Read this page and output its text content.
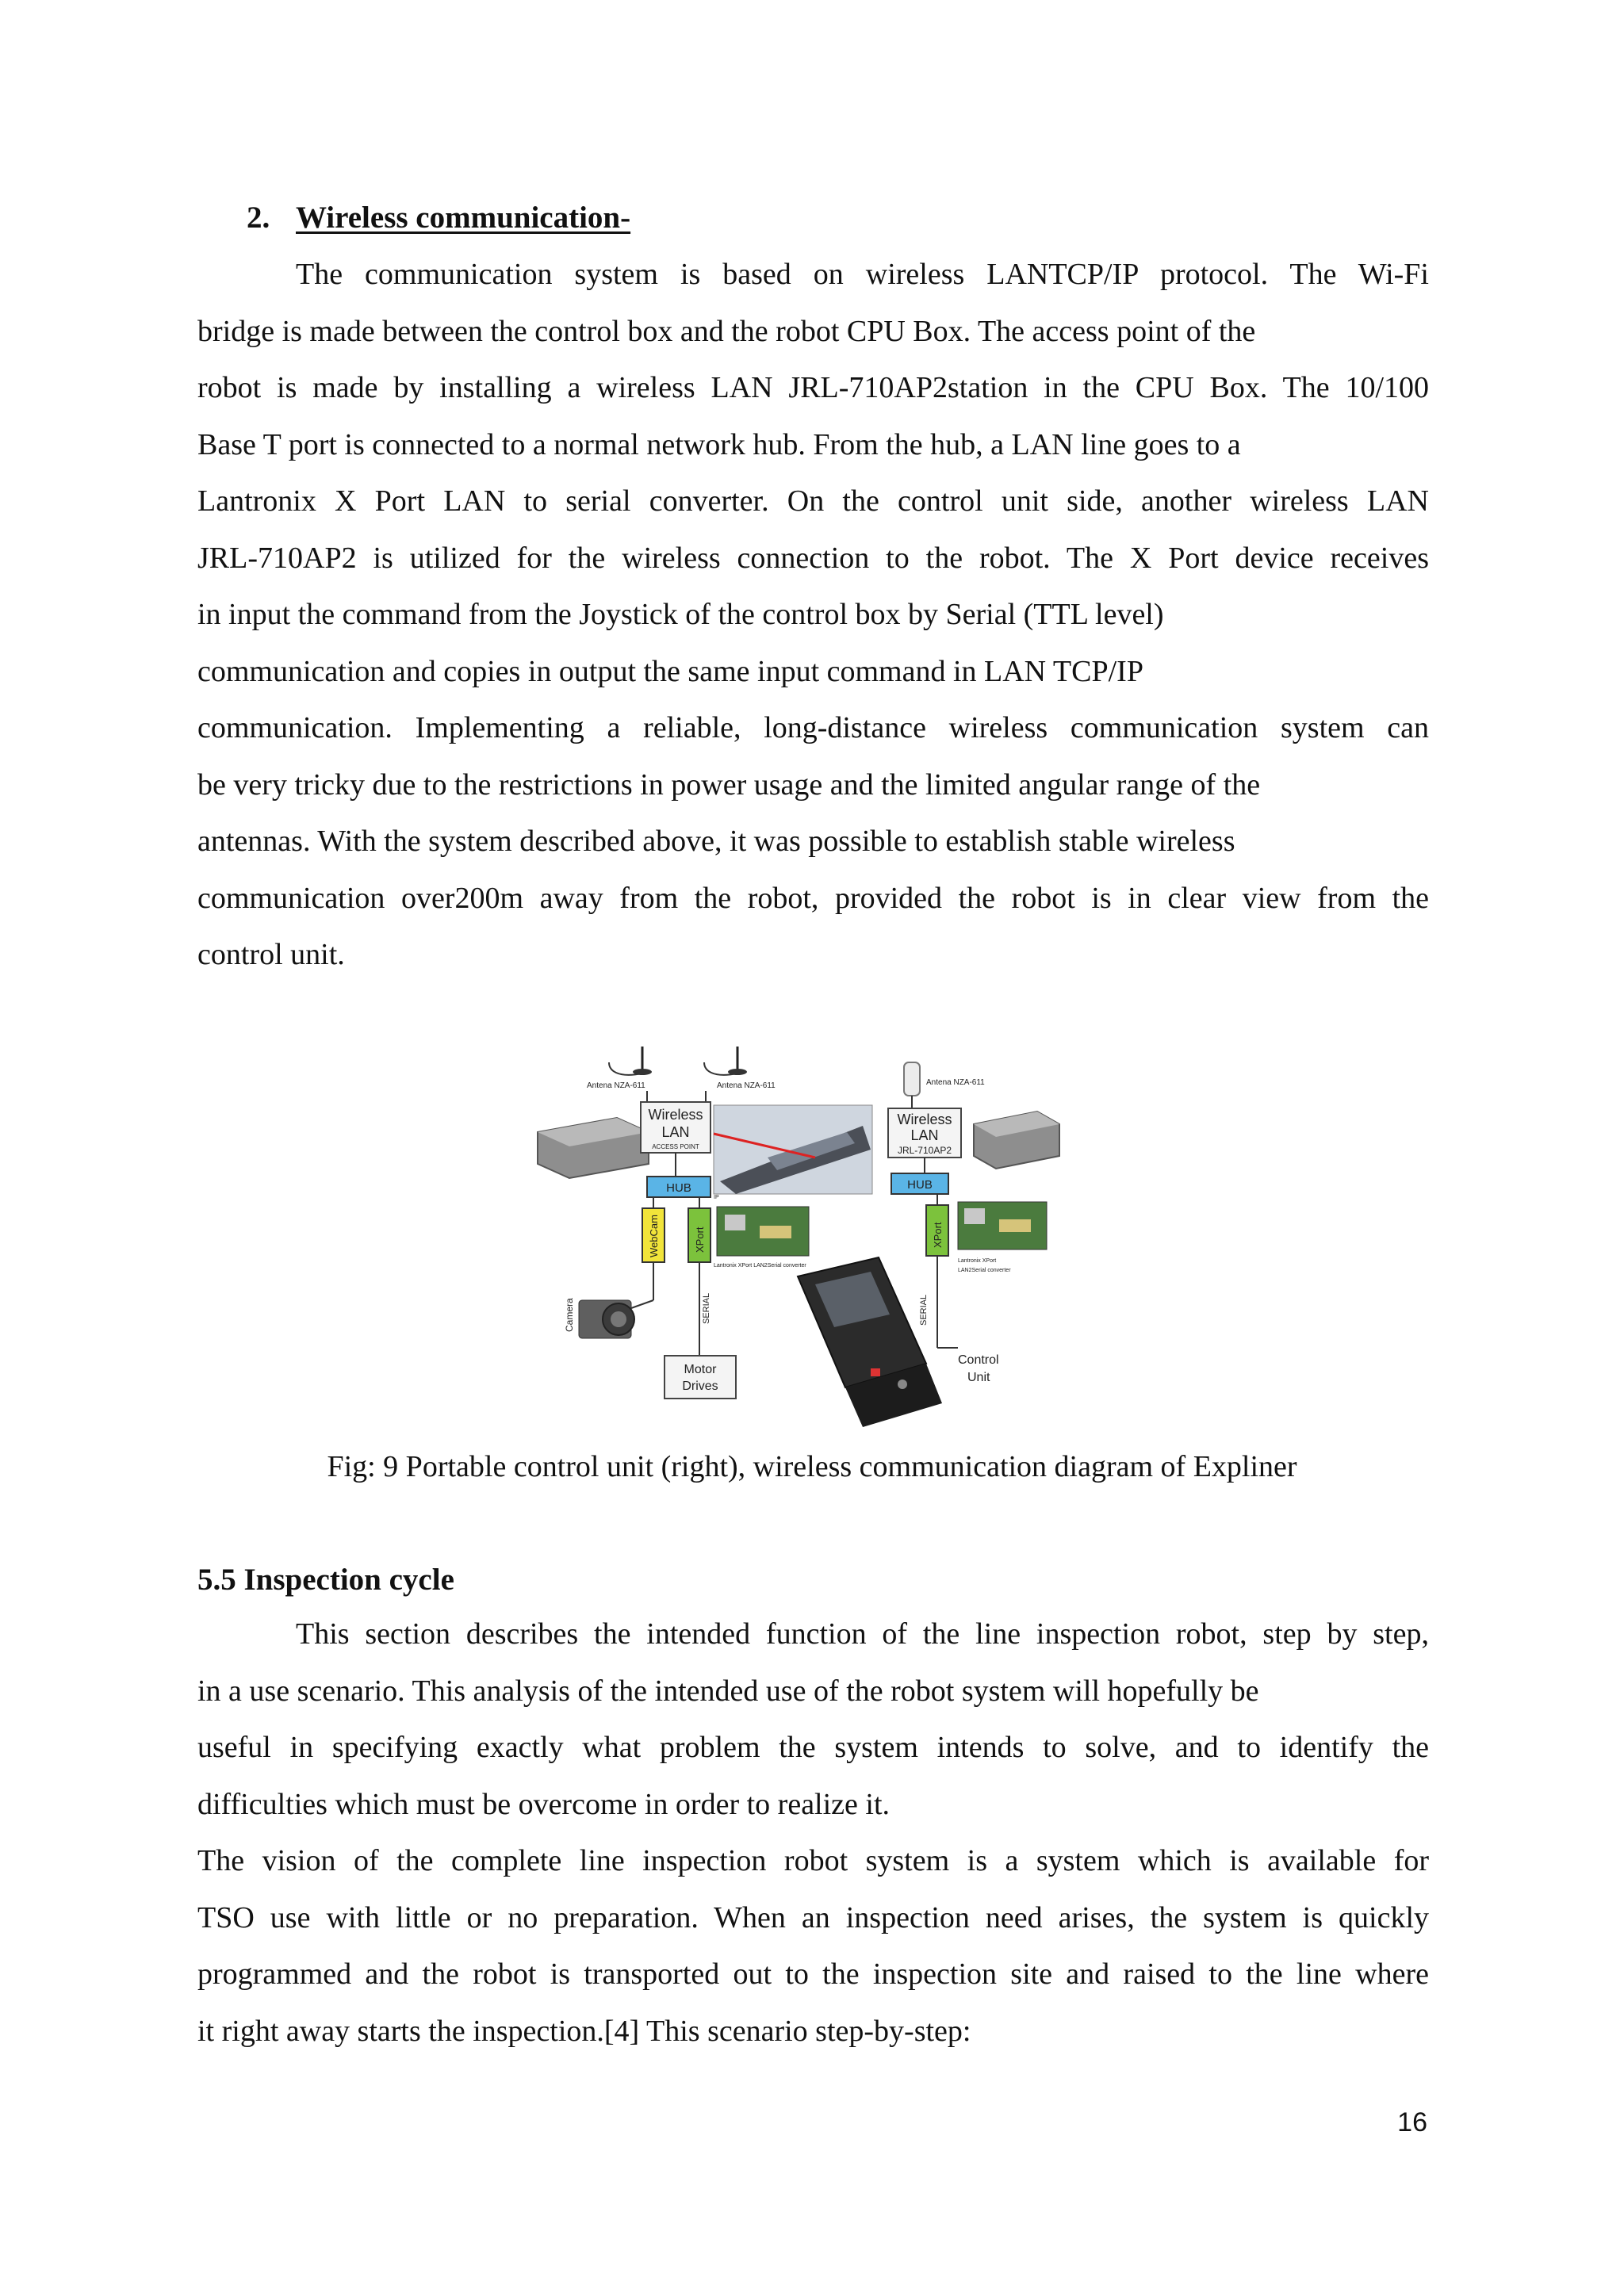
2. Wireless communication-
The communication system is based on wireless LANTCP/IP protocol. The Wi-Fi
bridge is made between the control box and the robot CPU Box. The access point of the
robot is made by installing a wireless LAN JRL-710AP2station in the CPU Box. The 10/100
Base T port is connected to a normal network hub. From the hub, a LAN line goes to a
Lantronix X Port LAN to serial converter. On the control unit side, another wireless LAN
JRL-710AP2 is utilized for the wireless connection to the robot. The X Port device receives
in input the command from the Joystick of the control box by Serial (TTL level)
communication and copies in output the same input command in LAN TCP/IP
communication. Implementing a reliable, long-distance wireless communication system can
be very tricky due to the restrictions in power usage and the limited angular range of the
antennas. With the system described above, it was possible to establish stable wireless
communication over200m away from the robot, provided the robot is in clear view from the
control unit.
Antena NZA-611	Antena NZA-611
Wireless
LAN
ACCESS POINT
HUB
WebCam	XPort
Lantronix XPort LAN2Serial converter
IP
Camera	SERIAL
Motor
Drives
Antena NZA-611
Wireless
LAN
JRL-710AP2
HUB
XPort
Lantronix XPort
LAN2Serial converter
SERIAL
Control
Unit
Fig: 9 Portable control unit (right), wireless communication diagram of Expliner
5.5 Inspection cycle
This section describes the intended function of the line inspection robot, step by step,
in a use scenario. This analysis of the intended use of the robot system will hopefully be
useful in specifying exactly what problem the system intends to solve, and to identify the
difficulties which must be overcome in order to realize it.
The vision of the complete line inspection robot system is a system which is available for
TSO use with little or no preparation. When an inspection need arises, the system is quickly
programmed and the robot is transported out to the inspection site and raised to the line where
it right away starts the inspection.[4] This scenario step-by-step:
16
